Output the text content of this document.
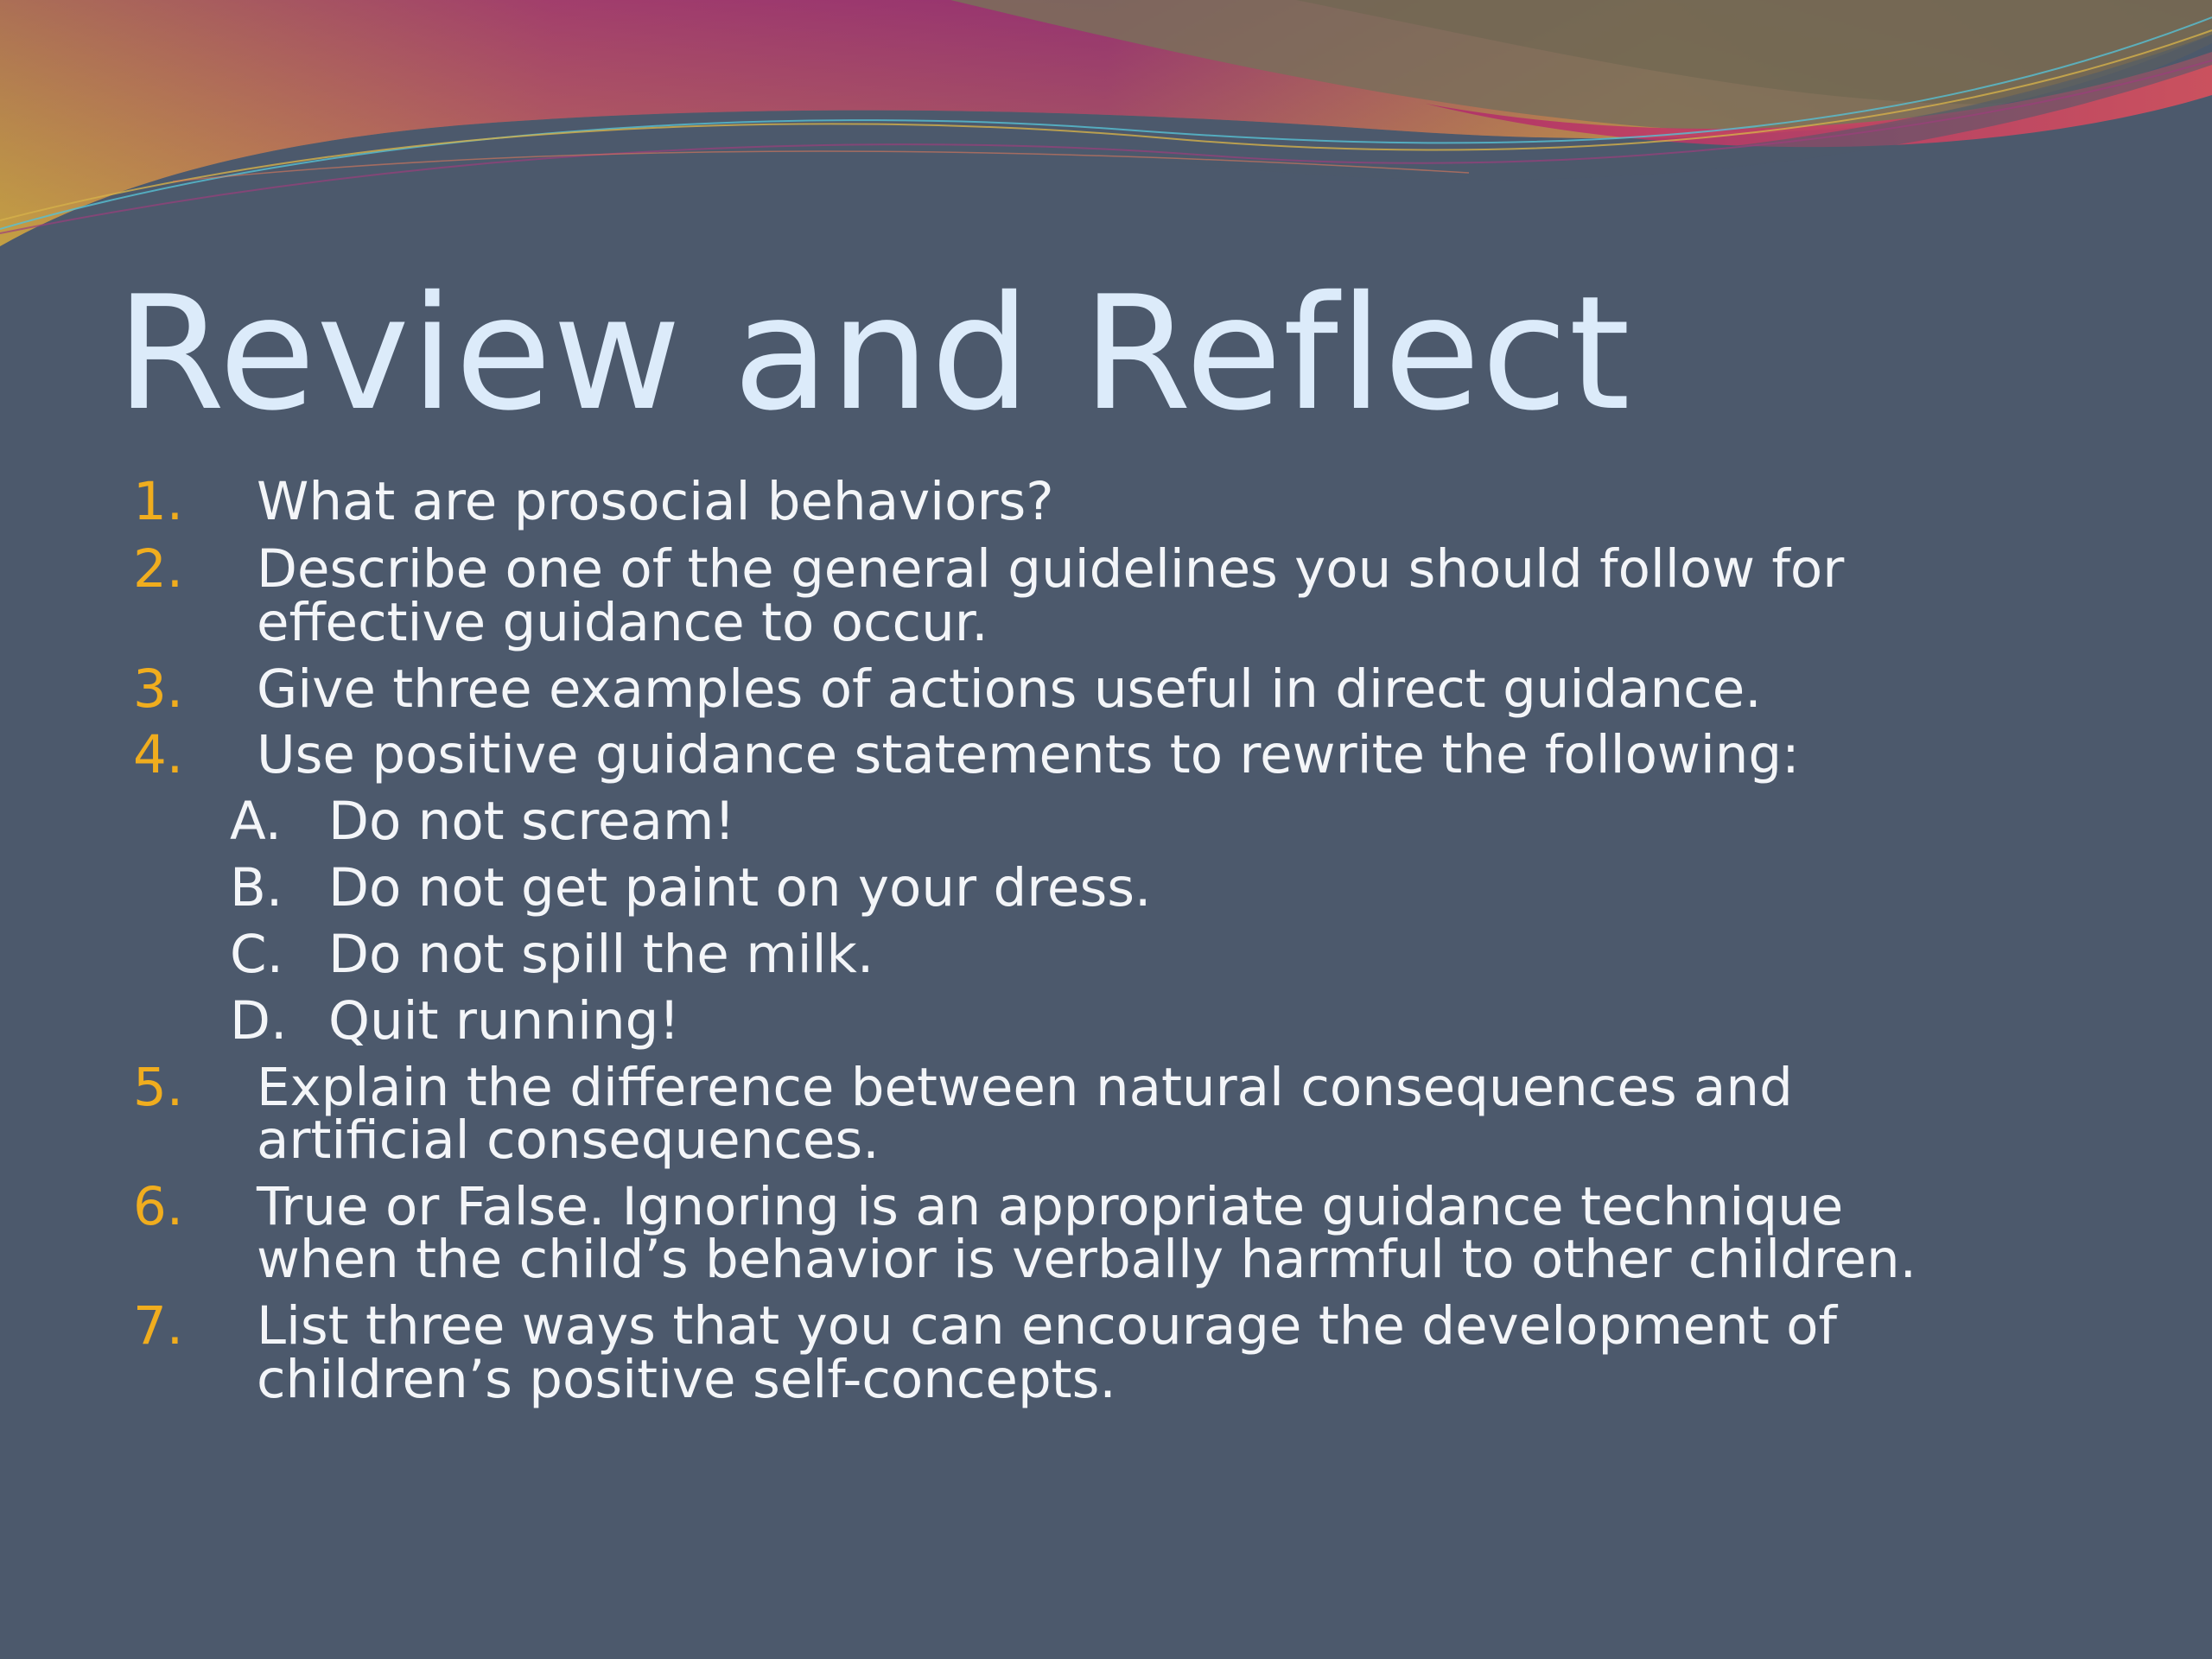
Review and Reflect
1. What are prosocial behaviors?
2. Describe one of the general guidelines you should follow for
effective guidance to occur.
3. Give three examples of actions useful in direct guidance.
4. Use positive guidance statements to rewrite the following:
A. Do not scream!
B. Do not get paint on your dress.
C. Do not spill the milk.
D. Quit running!
5. Explain the difference between natural consequences and
artificial consequences.
6. True or False. Ignoring is an appropriate guidance technique
when the child’s behavior is verbally harmful to other children.
7. List three ways that you can encourage the development of
children’s positive self-concepts.
